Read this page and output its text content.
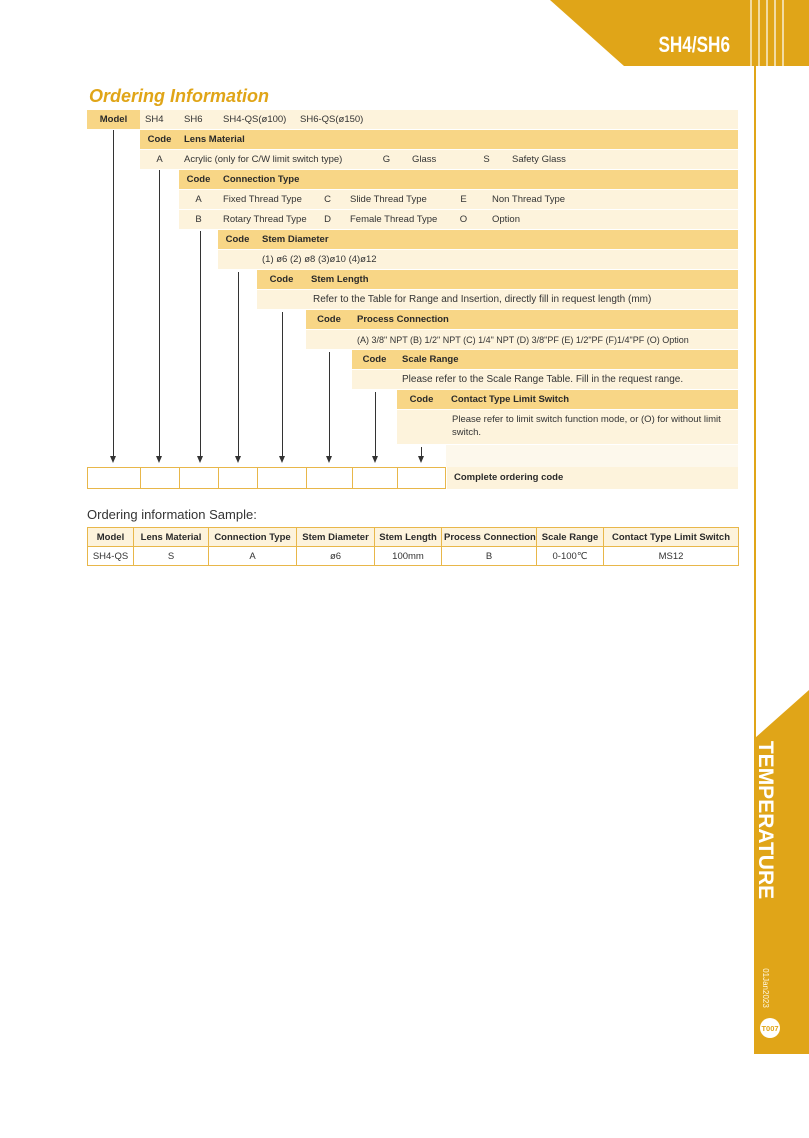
SH4/SH6
TEMPERATURE
01Jan2023
T007
Ordering Information
Model	SH4	SH6	SH4-QS(ø100)	SH6-QS(ø150)
Code	Lens Material
A	Acrylic (only for C/W limit switch type)	G	Glass	S	Safety Glass
Code	Connection Type
A	Fixed Thread Type	C	Slide Thread Type	E	Non Thread Type
B	Rotary Thread Type	D	Female Thread Type	O	Option
Code	Stem Diameter
(1) ø6 (2) ø8 (3)ø10 (4)ø12
Code	Stem Length
Refer to the Table for Range and Insertion, directly fill in request length (mm)
Code	Process Connection
(A) 3/8" NPT (B) 1/2" NPT (C) 1/4" NPT (D) 3/8"PF (E) 1/2"PF (F)1/4"PF (O) Option
Code	Scale Range
Please refer to the Scale Range Table. Fill in the request range.
Code	Contact Type Limit Switch
Please refer to limit switch function mode, or (O) for without limit
switch.
Complete ordering code
Ordering information Sample:
Model	Lens Material	Connection Type	Stem Diameter	Stem Length	Process Connection	Scale Range	Contact Type Limit Switch
SH4-QS	S	A	ø6	100mm	B	0-100℃	MS12
